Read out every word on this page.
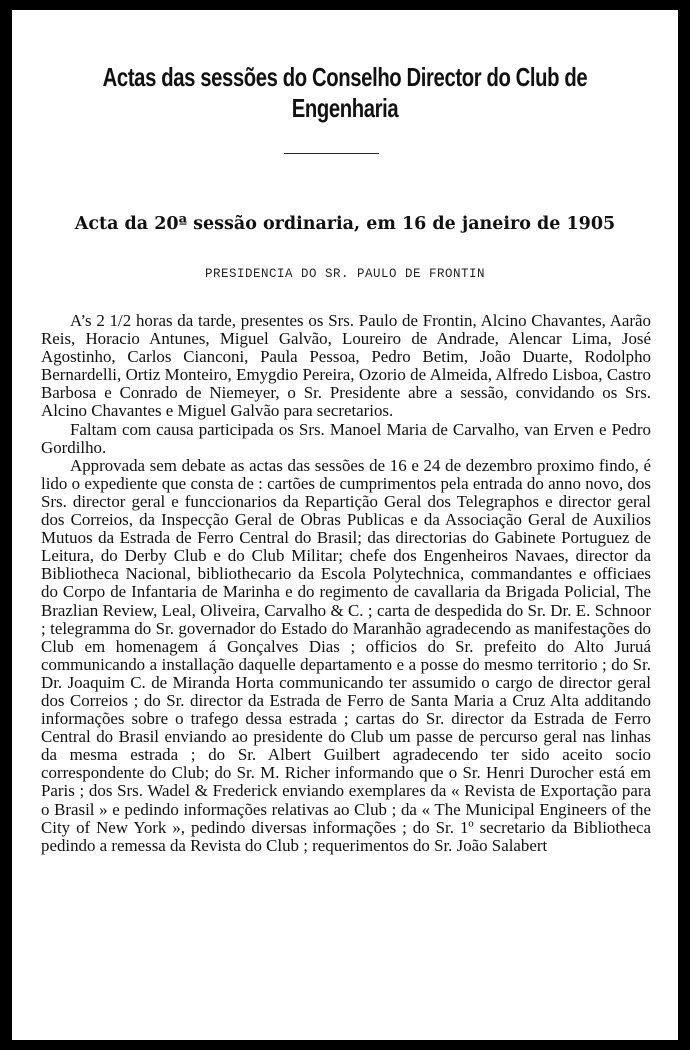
Actas das sessões do Conselho Director do Club de Engenharia
Acta da 20ª sessão ordinaria, em 16 de janeiro de 1905
PRESIDENCIA DO SR. PAULO DE FRONTIN

A’s 2 1/2 horas da tarde, presentes os Srs. Paulo de Frontin, Alcino Chavantes, Aarão Reis, Horacio Antunes, Miguel Galvão, Loureiro de Andrade, Alencar Lima, José Agostinho, Carlos Cianconi, Paula Pessoa, Pedro Betim, João Duarte, Rodolpho Bernardelli, Ortiz Monteiro, Emygdio Pereira, Ozorio de Almeida, Alfredo Lisboa, Castro Barbosa e Conrado de Niemeyer, o Sr. Presidente abre a sessão, convidando os Srs. Alcino Chavantes e Miguel Galvão para secretarios.

Faltam com causa participada os Srs. Manoel Maria de Carvalho, van Erven e Pedro Gordilho.

Approvada sem debate as actas das sessões de 16 e 24 de dezembro proximo findo, é lido o expediente que consta de : cartões de cumprimentos pela entrada do anno novo, dos Srs. director geral e funccionarios da Repartição Geral dos Telegraphos e director geral dos Correios, da Inspecção Geral de Obras Publicas e da Associação Geral de Auxilios Mutuos da Estrada de Ferro Central do Brasil; das directorias do Gabinete Portuguez de Leitura, do Derby Club e do Club Militar; chefe dos Engenheiros Navaes, director da Bibliotheca Nacional, bibliothecario da Escola Polytechnica, commandantes e officiaes do Corpo de Infantaria de Marinha e do regimento de cavallaria da Brigada Policial, The Brazlian Review, Leal, Oliveira, Carvalho & C. ; carta de despedida do Sr. Dr. E. Schnoor ; telegramma do Sr. governador do Estado do Maranhão agradecendo as manifestações do Club em homenagem á Gonçalves Dias ; officios do Sr. prefeito do Alto Juruá communicando a installação daquelle departamento e a posse do mesmo territorio ; do Sr. Dr. Joaquim C. de Miranda Horta communicando ter assumido o cargo de director geral dos Correios ; do Sr. director da Estrada de Ferro de Santa Maria a Cruz Alta additando informações sobre o trafego dessa estrada ; cartas do Sr. director da Estrada de Ferro Central do Brasil enviando ao presidente do Club um passe de percurso geral nas linhas da mesma estrada ; do Sr. Albert Guilbert agradecendo ter sido aceito socio correspondente do Club; do Sr. M. Richer informando que o Sr. Henri Durocher está em Paris ; dos Srs. Wadel & Frederick enviando exemplares da « Revista de Exportação para o Brasil » e pedindo informações relativas ao Club ; da « The Municipal Engineers of the City of New York », pedindo diversas informações ; do Sr. 1º secretario da Bibliotheca pedindo a remessa da Revista do Club ; requerimentos do Sr. João Salabert
